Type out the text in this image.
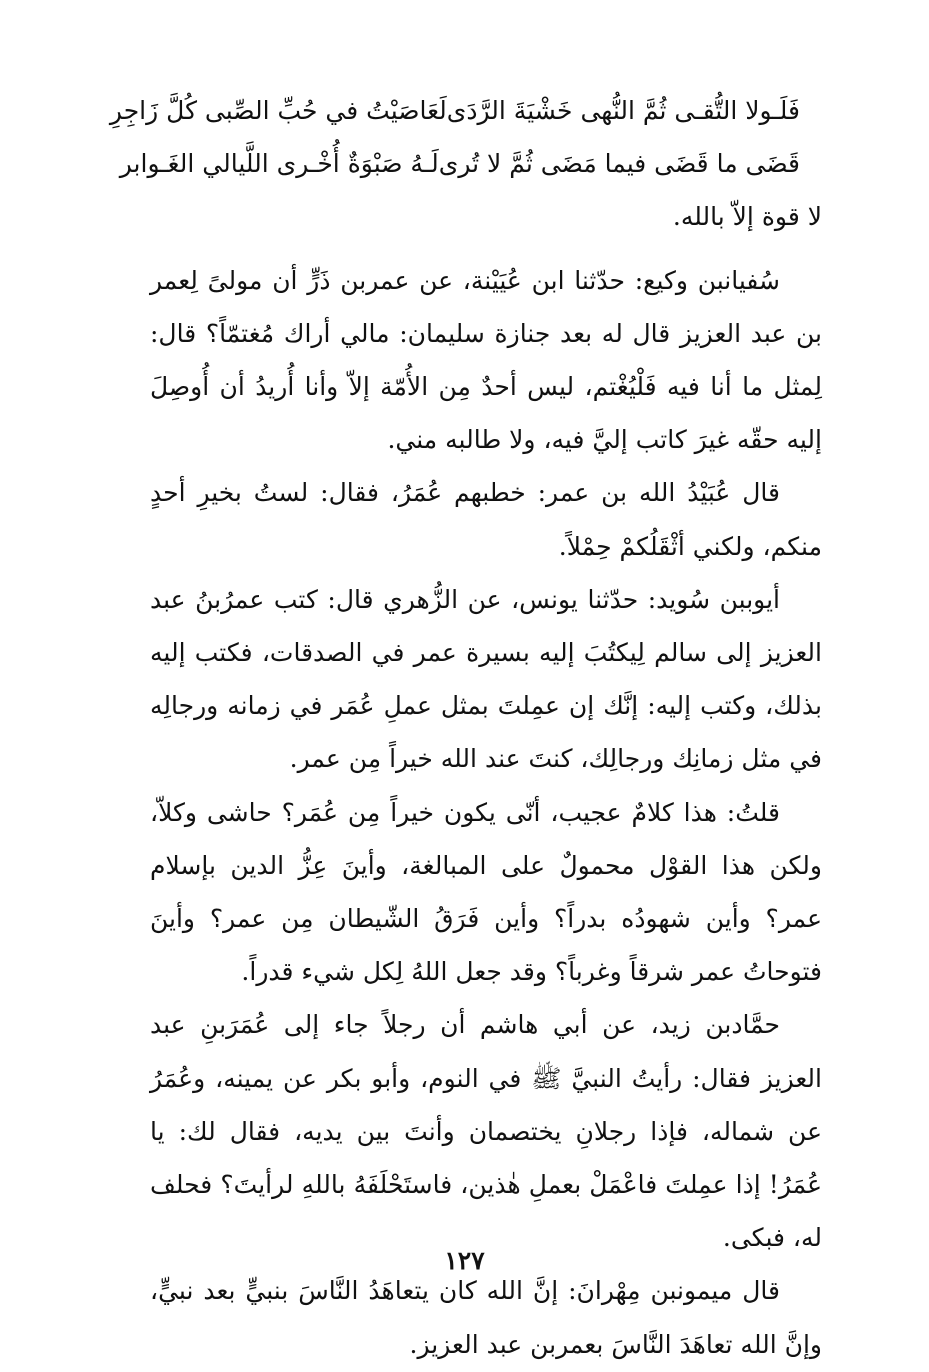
فَلَـولا التُّقـى ثُمَّ النُّهى خَشْيَةَ الرَّدَى
لَعَاصَيْتُ في حُبِّ الصِّبى كُلَّ زَاجِرِ
قَضَى ما قَضَى فيما مَضَى ثُمَّ لا تُرى
لَـهُ صَبْوَةٌ أُخْـرى اللَّيالي الغَـوابر

لا قوة إلاّ بالله.

سُفيانبن وكيع: حدّثنا ابن عُيَيْنة، عن عمربن ذَرٍّ أن مولىً لِعمر بن عبد العزيز قال له بعد جنازة سليمان: مالي أراك مُغتمّاً؟ قال: لِمثل ما أنا فيه فَلْيُغْتم، ليس أحدٌ مِن الأُمّة إلاّ وأنا أُريدُ أن أُوصِلَ إليه حقّه غيرَ كاتب إليَّ فيه، ولا طالبه مني.

قال عُبَيْدُ الله بن عمر: خطبهم عُمَرُ، فقال: لستُ بخيرِ أحدٍ منكم، ولكني أثْقَلُكمْ حِمْلاً.

أيوببن سُويد: حدّثنا يونس، عن الزُّهري قال: كتب عمرُبنُ عبد العزيز إلى سالم لِيكتُبَ إليه بسيرة عمر في الصدقات، فكتب إليه بذلك، وكتب إليه: إنَّك إن عمِلتَ بمثل عملِ عُمَر في زمانه ورجالِه في مثل زمانِك ورجالِك، كنتَ عند الله خيراً مِن عمر.

قلتُ: هذا كلامٌ عجيب، أنّى يكون خيراً مِن عُمَر؟ حاشى وكلاّ، ولكن هذا القوْل محمولٌ على المبالغة، وأينَ عِزُّ الدين بإسلام عمر؟ وأين شهودُه بدراً؟ وأين فَرَقُ الشّيطان مِن عمر؟ وأينَ فتوحاتُ عمر شرقاً وغرباً؟ وقد جعل اللهُ لِكل شيء قدراً.

حمَّادبن زيد، عن أبي هاشم أن رجلاً جاء إلى عُمَرَبنِ عبد العزيز فقال: رأيتُ النبيَّ ﷺ في النوم، وأبو بكر عن يمينه، وعُمَرُ عن شماله، فإذا رجلانِ يختصمان وأنتَ بين يديه، فقال لك: يا عُمَرُ! إذا عمِلتَ فاعْمَلْ بعملِ هٰذين، فاستَحْلَفَهُ باللهِ لرأيتَ؟ فحلف له، فبكى.

قال ميمونبن مِهْرانَ: إنَّ الله كان يتعاهَدُ النَّاسَ بنبيٍّ بعد نبيٍّ، وإنَّ الله تعاهَدَ النَّاسَ بعمربن عبد العزيز.

١٢٧
